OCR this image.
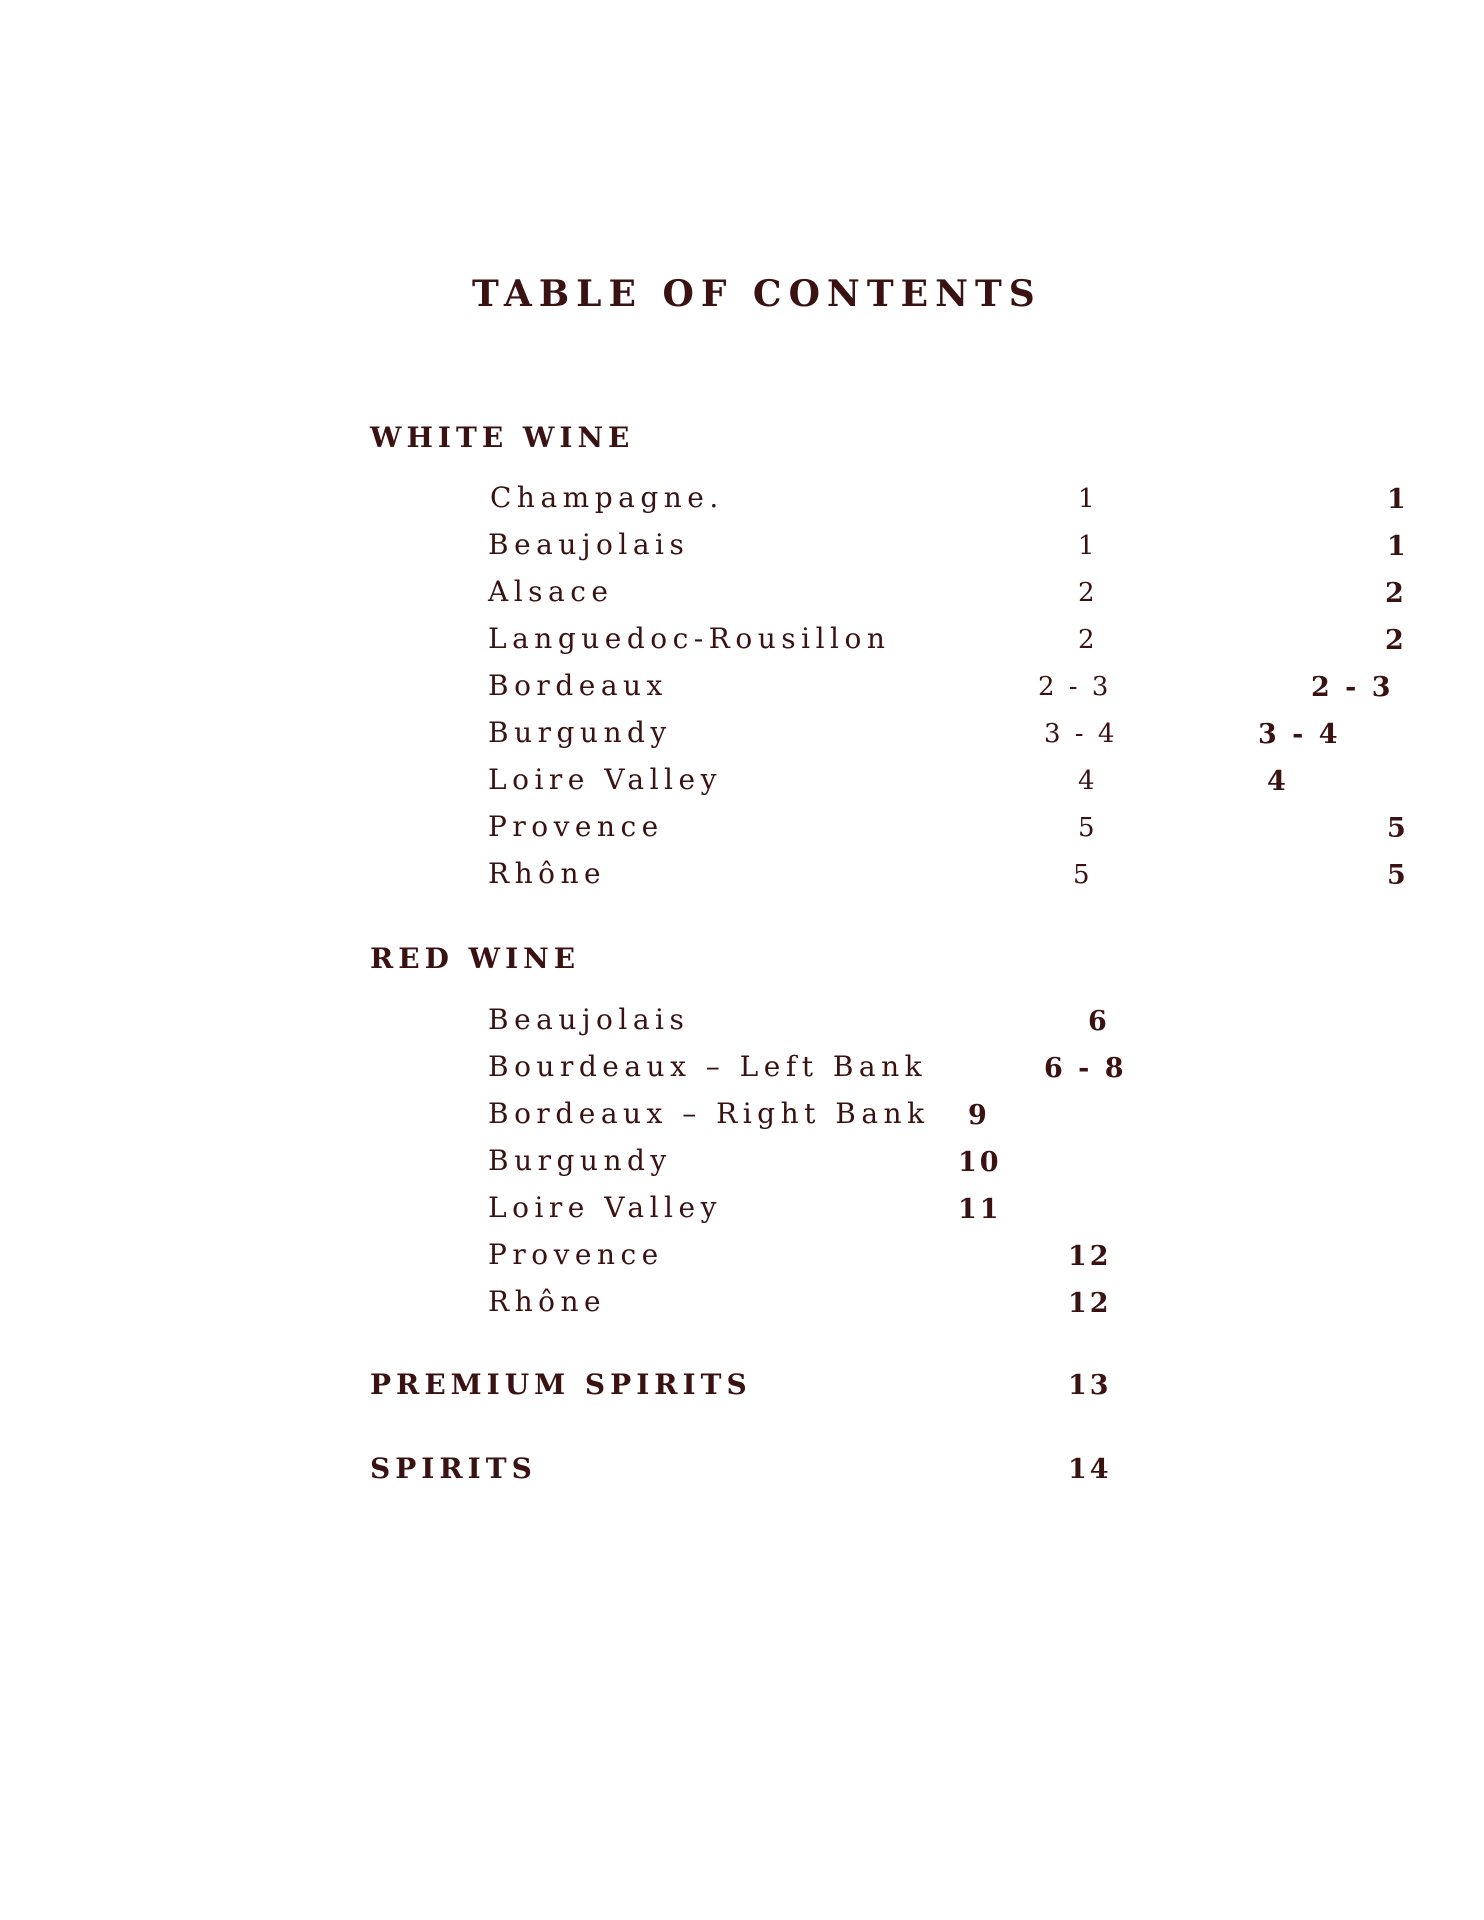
TABLE OF CONTENTS
WHITE WINE
Champagne.	1	1
Beaujolais	1	1
Alsace	2	2
Languedoc-Rousillon	2	2
Bordeaux	2 - 3	2 - 3
Burgundy	3 - 4	3 - 4
Loire Valley	4	4
Provence	5	5
Rhône	5	5
RED WINE
Beaujolais	6
Bourdeaux – Left Bank	6 - 8
Bordeaux – Right Bank 9
Burgundy	10
Loire Valley	11
Provence	12
Rhône	12
PREMIUM SPIRITS	13
SPIRITS	14
